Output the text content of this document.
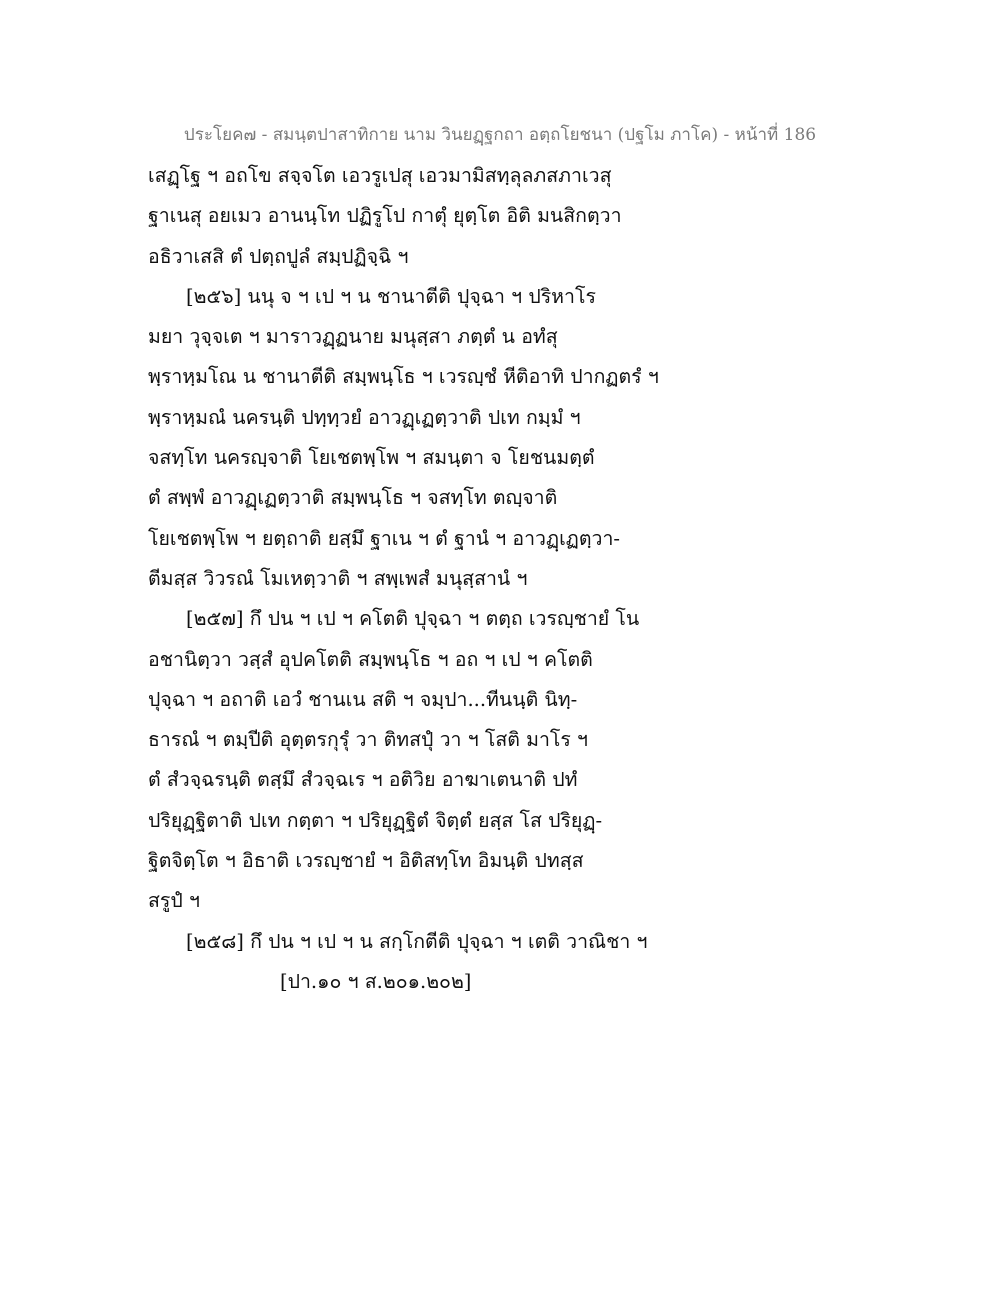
ประโยค๗ - สมนฺตปาสาทิกาย นาม วินยฏฺฐกถา อตฺถโยชนา (ปฐโม ภาโค) - หน้าที่ 186
เสฏฺโฐ ฯ อถโข สจฺจโต เอวรูเปสุ เอวมามิสทฺลุลภสภาเวสุ
ฐาเนสุ อยเมว อานนฺโท ปฏิรูโป กาตุํ ยุตฺโต อิติ มนสิกตฺวา
อธิวาเสสิ ตํ ปตฺถปูลํ สมฺปฏิจฺฉิ ฯ
[๒๕๖] นนุ จ ฯ เป ฯ น ชานาตีติ ปุจฺฉา ฯ ปริหาโร
มยา วุจฺจเต ฯ มาราวฏฺฏนาย มนุสฺสา ภตฺตํ น อทํสุ
พฺราหฺมโณ น ชานาตีติ สมฺพนฺโธ ฯ เวรญฺชํ หีติอาทิ ปากฏตรํ ฯ
พฺราหฺมณํ นครนฺติ ปทฺทฺวยํ อาวฏฺเฏตฺวาติ ปเท กมฺมํ ฯ
จสทฺโท นครญฺจาติ โยเชตพฺโพ ฯ สมนฺตา จ โยชนมตฺตํ
ตํ สพฺพํ อาวฏฺเฏตฺวาติ สมฺพนฺโธ ฯ จสทฺโท ตญฺจาติ
โยเชตพฺโพ ฯ ยตฺถาติ ยสฺมึ ฐาเน ฯ ตํ ฐานํ ฯ อาวฏฺเฏตฺวา-
ตีมสฺส วิวรณํ โมเหตฺวาติ ฯ สพฺเพสํ มนุสฺสานํ ฯ
[๒๕๗] กึ ปน ฯ เป ฯ คโตติ ปุจฺฉา ฯ ตตฺถ เวรญฺชายํ โน
อชานิตฺวา วสฺสํ อุปคโตติ สมฺพนฺโธ ฯ อถ ฯ เป ฯ คโตติ
ปุจฺฉา ฯ อถาติ เอวํ ชานเน สติ ฯ จมฺปา...ทีนนฺติ นิทฺ-
ธารณํ ฯ ตมฺปีติ อุตฺตรกุรุํ วา ติทสปุํ วา ฯ โสติ มาโร ฯ
ตํ สํวจฺฉรนฺติ ตสฺมึ สํวจฺฉเร ฯ อติวิย อาฆาเตนาติ ปทํ
ปริยุฏฺฐิตาติ ปเท กตฺตา ฯ ปริยุฏฺฐิตํ จิตฺตํ ยสฺส โส ปริยุฏฺ-
ฐิตจิตฺโต ฯ อิธาติ เวรญฺชายํ ฯ อิติสทฺโท อิมนฺติ ปทสฺส
สรูปํ ฯ
[๒๕๘] กึ ปน ฯ เป ฯ น สกฺโกตีติ ปุจฺฉา ฯ เตติ วาณิชา ฯ
[ปา.๑๐ ฯ ส.๒๐๑.๒๐๒]
